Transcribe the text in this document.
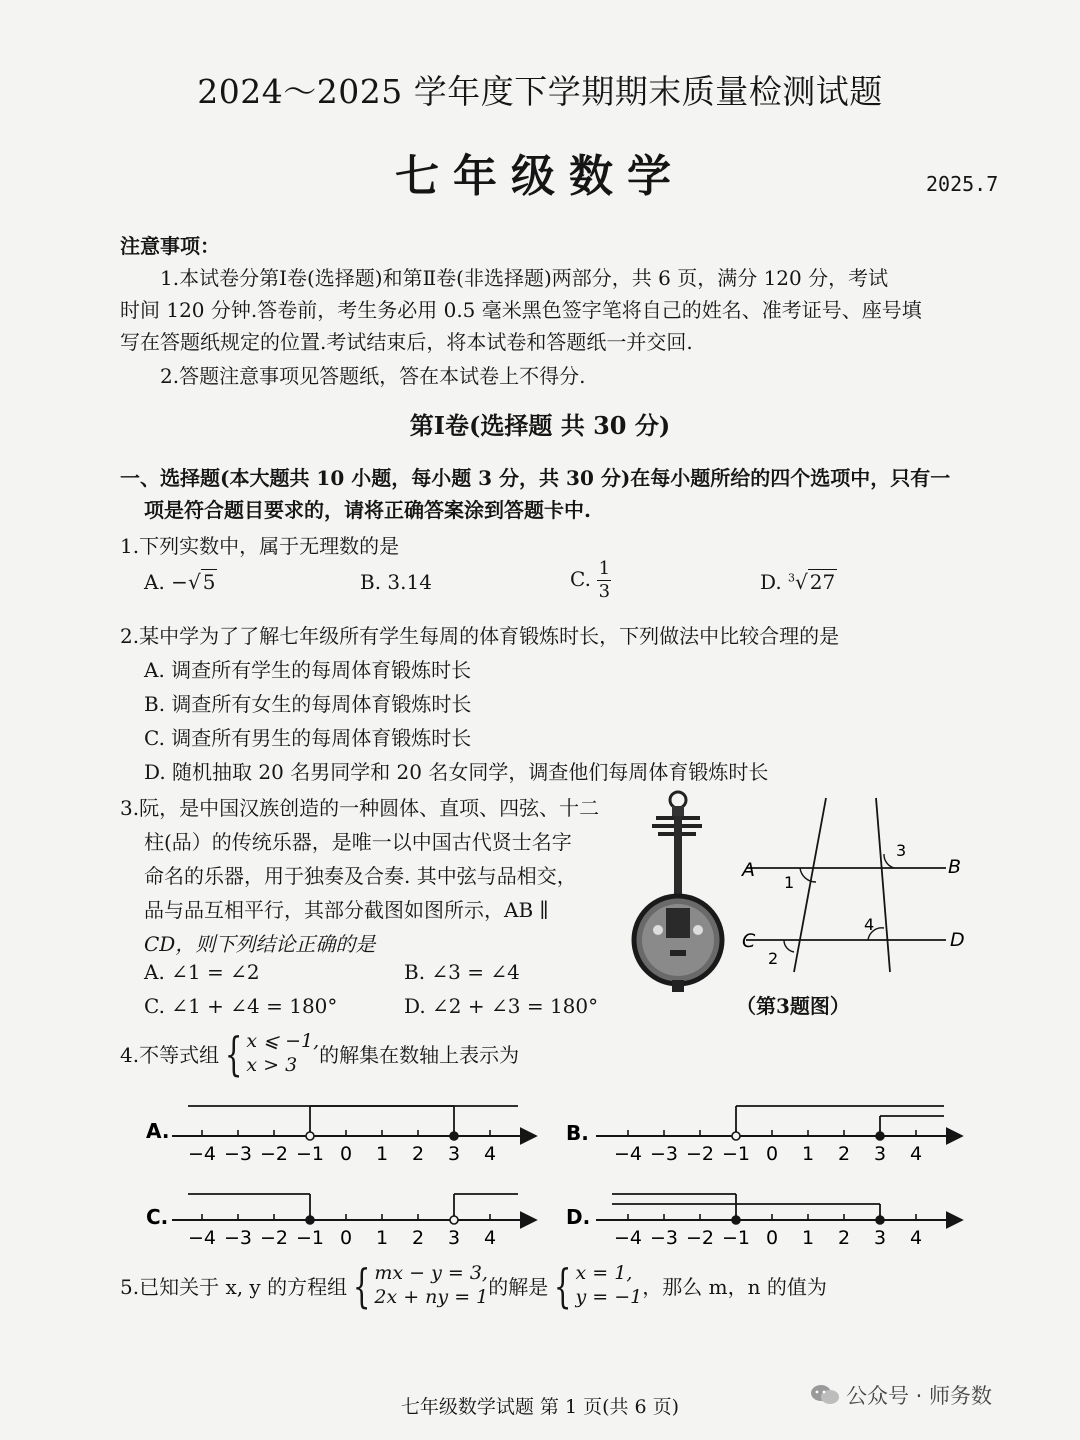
2024～2025 学年度下学期期末质量检测试题
七年级数学	2025.7
注意事项：
1.本试卷分第Ⅰ卷(选择题)和第Ⅱ卷(非选择题)两部分，共 6 页，满分 120 分，考试
时间 120 分钟.答卷前，考生务必用 0.5 毫米黑色签字笔将自己的姓名、准考证号、座号填
写在答题纸规定的位置.考试结束后，将本试卷和答题纸一并交回.
2.答题注意事项见答题纸，答在本试卷上不得分.
第Ⅰ卷(选择题 共 30 分)
一、选择题(本大题共 10 小题，每小题 3 分，共 30 分)在每小题所给的四个选项中，只有一
项是符合题目要求的，请将正确答案涂到答题卡中.
1.下列实数中，属于无理数的是
A. −√ 5	B. 3.14	C. $\frac{1}{3}$	D. $^3$√ 27
2.某中学为了了解七年级所有学生每周的体育锻炼时长，下列做法中比较合理的是
A. 调查所有学生的每周体育锻炼时长
B. 调查所有女生的每周体育锻炼时长
C. 调查所有男生的每周体育锻炼时长
D. 随机抽取 20 名男同学和 20 名女同学，调查他们每周体育锻炼时长
3.阮，是中国汉族创造的一种圆体、直项、四弦、十二
柱(品）的传统乐器，是唯一以中国古代贤士名字
命名的乐器，用于独奏及合奏. 其中弦与品相交，
品与品互相平行，其部分截图如图所示，AB ∥
CD，则下列结论正确的是
A. ∠1 = ∠2	B. ∠3 = ∠4
C. ∠1 + ∠4 = 180°	D. ∠2 + ∠3 = 180°
A	B
C	D
1
2
3
4
（第3题图）
4.不等式组 { x ⩽ −1,
x > 3	的解集在数轴上表示为
A.
−4 −3 −2 −1 0 1 2 3 4
B.
−4 −3 −2 −1 0 1 2 3 4
C.
−4 −3 −2 −1 0 1 2 3 4
D.
−4 −3 −2 −1 0 1 2 3 4
5.已知关于 x, y 的方程组 { mx − y = 3,
2x + ny = 1 的解是 { x = 1,
y = −1 ，那么 m，n 的值为
七年级数学试题 第 1 页(共 6 页)	公众号 · 师务数
